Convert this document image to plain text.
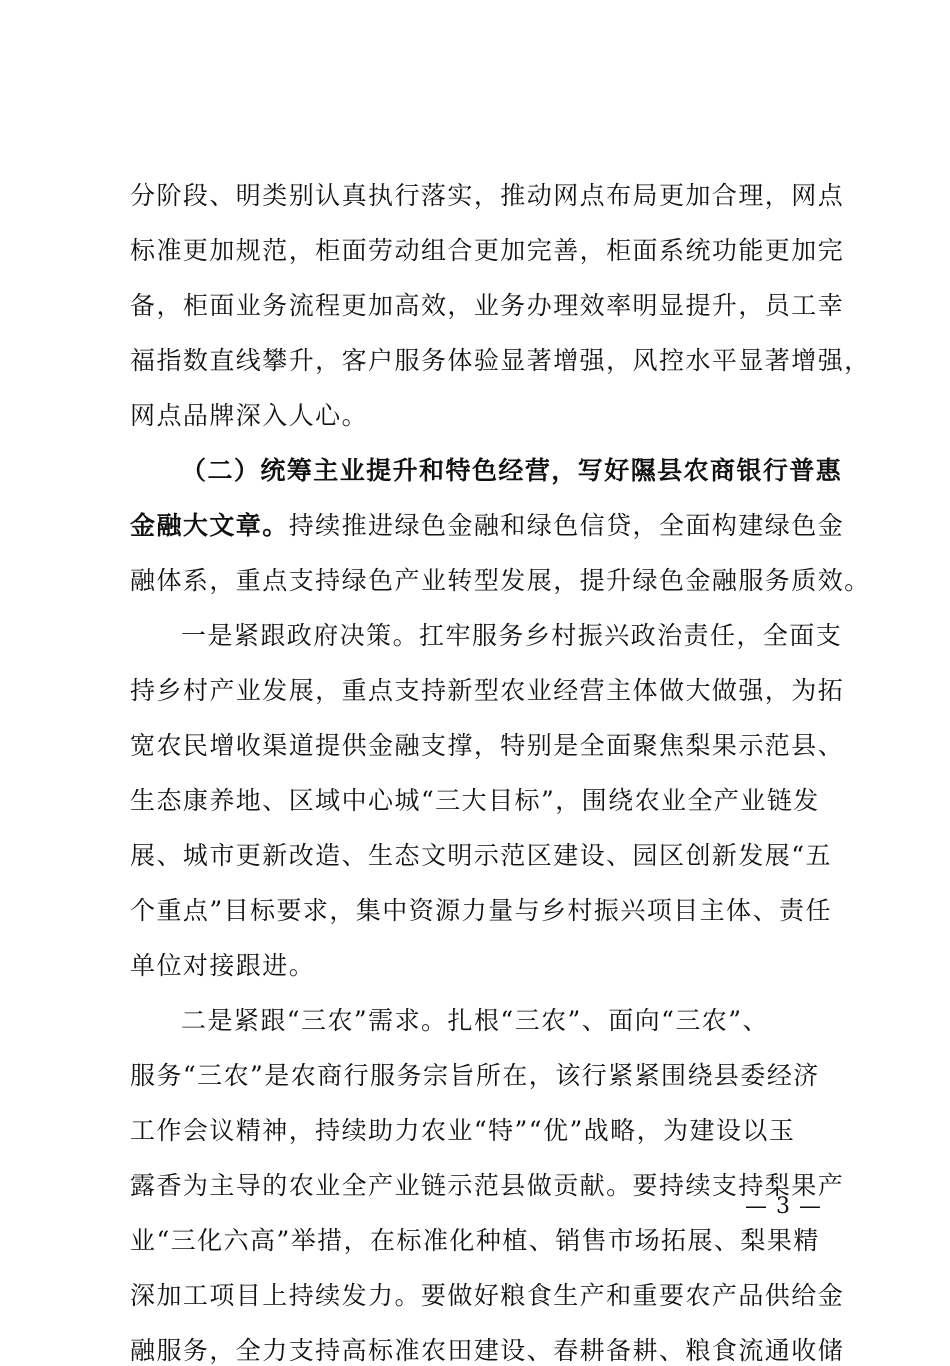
分阶段、明类别认真执行落实，推动网点布局更加合理，网点
标准更加规范，柜面劳动组合更加完善，柜面系统功能更加完
备，柜面业务流程更加高效，业务办理效率明显提升，员工幸
福指数直线攀升，客户服务体验显著增强，风控水平显著增强，
网点品牌深入人心。
（二）统筹主业提升和特色经营，写好隰县农商银行普惠
金融大文章。持续推进绿色金融和绿色信贷，全面构建绿色金
融体系，重点支持绿色产业转型发展，提升绿色金融服务质效。
一是紧跟政府决策。扛牢服务乡村振兴政治责任，全面支
持乡村产业发展，重点支持新型农业经营主体做大做强，为拓
宽农民增收渠道提供金融支撑，特别是全面聚焦梨果示范县、
生态康养地、区域中心城“三大目标”，围绕农业全产业链发
展、城市更新改造、生态文明示范区建设、园区创新发展“五
个重点”目标要求，集中资源力量与乡村振兴项目主体、责任
单位对接跟进。
二是紧跟“三农”需求。扎根“三农”、面向“三农”、
服务“三农”是农商行服务宗旨所在，该行紧紧围绕县委经济
工作会议精神，持续助力农业“特”“优”战略，为建设以玉
露香为主导的农业全产业链示范县做贡献。要持续支持梨果产
业“三化六高”举措，在标准化种植、销售市场拓展、梨果精
深加工项目上持续发力。要做好粮食生产和重要农产品供给金
融服务，全力支持高标准农田建设、春耕备耕、粮食流通收储
— 3 —
